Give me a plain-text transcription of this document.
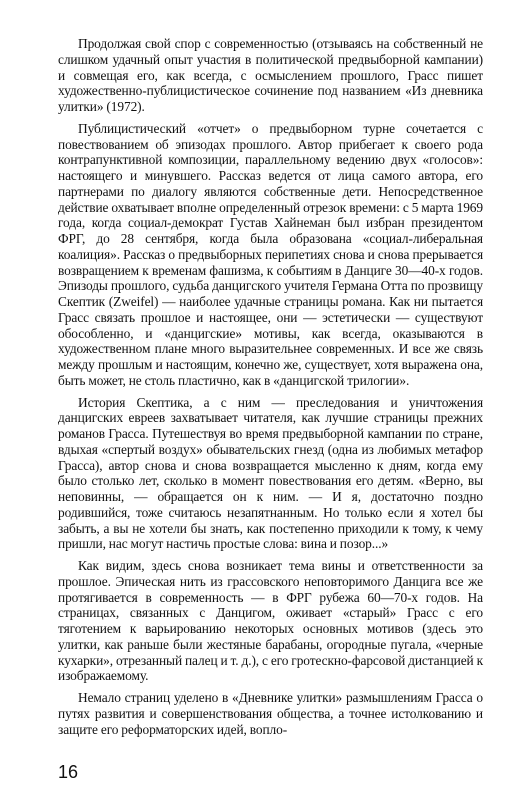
Продолжая свой спор с современностью (отзываясь на собственный не слишком удачный опыт участия в политической предвыборной кампании) и совмещая его, как всегда, с осмыслением прошлого, Грасс пишет художественно-публицистическое сочинение под названием «Из дневника улитки» (1972).

Публицистический «отчет» о предвыборном турне сочетается с повествованием об эпизодах прошлого. Автор прибегает к своего рода контрапунктивной композиции, параллельному ведению двух «голосов»: настоящего и минувшего. Рассказ ведется от лица самого автора, его партнерами по диалогу являются собственные дети. Непосредственное действие охватывает вполне определенный отрезок времени: с 5 марта 1969 года, когда социал-демократ Густав Хайнеман был избран президентом ФРГ, до 28 сентября, когда была образована «социал-либеральная коалиция». Рассказ о предвыборных перипетиях снова и снова прерывается возвращением к временам фашизма, к событиям в Данциге 30—40-х годов. Эпизоды прошлого, судьба данцигского учителя Германа Отта по прозвищу Скептик (Zweifel) — наиболее удачные страницы романа. Как ни пытается Грасс связать прошлое и настоящее, они — эстетически — существуют обособленно, и «данцигские» мотивы, как всегда, оказываются в художественном плане много выразительнее современных. И все же связь между прошлым и настоящим, конечно же, существует, хотя выражена она, быть может, не столь пластично, как в «данцигской трилогии».

История Скептика, а с ним — преследования и уничтожения данцигских евреев захватывает читателя, как лучшие страницы прежних романов Грасса. Путешествуя во время предвыборной кампании по стране, вдыхая «спертый воздух» обывательских гнезд (одна из любимых метафор Грасса), автор снова и снова возвращается мысленно к дням, когда ему было столько лет, сколько в момент повествования его детям. «Верно, вы неповинны, — обращается он к ним. — И я, достаточно поздно родившийся, тоже считаюсь незапятнанным. Но только если я хотел бы забыть, а вы не хотели бы знать, как постепенно приходили к тому, к чему пришли, нас могут настичь простые слова: вина и позор...»

Как видим, здесь снова возникает тема вины и ответственности за прошлое. Эпическая нить из грассовского неповторимого Данцига все же протягивается в современность — в ФРГ рубежа 60—70-х годов. На страницах, связанных с Данцигом, оживает «старый» Грасс с его тяготением к варьированию некоторых основных мотивов (здесь это улитки, как раньше были жестяные барабаны, огородные пугала, «черные кухарки», отрезанный палец и т. д.), с его гротескно-фарсовой дистанцией к изображаемому.

Немало страниц уделено в «Дневнике улитки» размышлениям Грасса о путях развития и совершенствования общества, а точнее истолкованию и защите его реформаторских идей, вопло-

16
